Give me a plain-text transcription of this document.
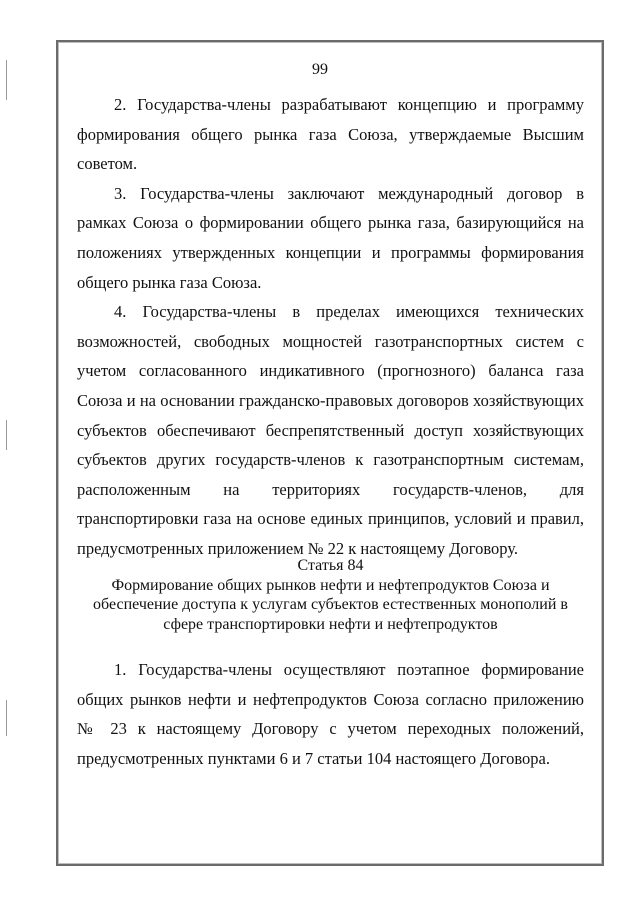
99

2. Государства-члены разрабатывают концепцию и программу формирования общего рынка газа Союза, утверждаемые Высшим советом.

3. Государства-члены заключают международный договор в рамках Союза о формировании общего рынка газа, базирующийся на положениях утвержденных концепции и программы формирования общего рынка газа Союза.

4. Государства-члены в пределах имеющихся технических возможностей, свободных мощностей газотранспортных систем с учетом согласованного индикативного (прогнозного) баланса газа Союза и на основании гражданско-правовых договоров хозяйствующих субъектов обеспечивают беспрепятственный доступ хозяйствующих субъектов других государств-членов к газотранспортным системам, расположенным на территориях государств-членов, для транспортировки газа на основе единых принципов, условий и правил, предусмотренных приложением № 22 к настоящему Договору.

Статья 84

Формирование общих рынков нефти и нефтепродуктов Союза и обеспечение доступа к услугам субъектов естественных монополий в сфере транспортировки нефти и нефтепродуктов

1. Государства-члены осуществляют поэтапное формирование общих рынков нефти и нефтепродуктов Союза согласно приложению № 23 к настоящему Договору с учетом переходных положений, предусмотренных пунктами 6 и 7 статьи 104 настоящего Договора.
